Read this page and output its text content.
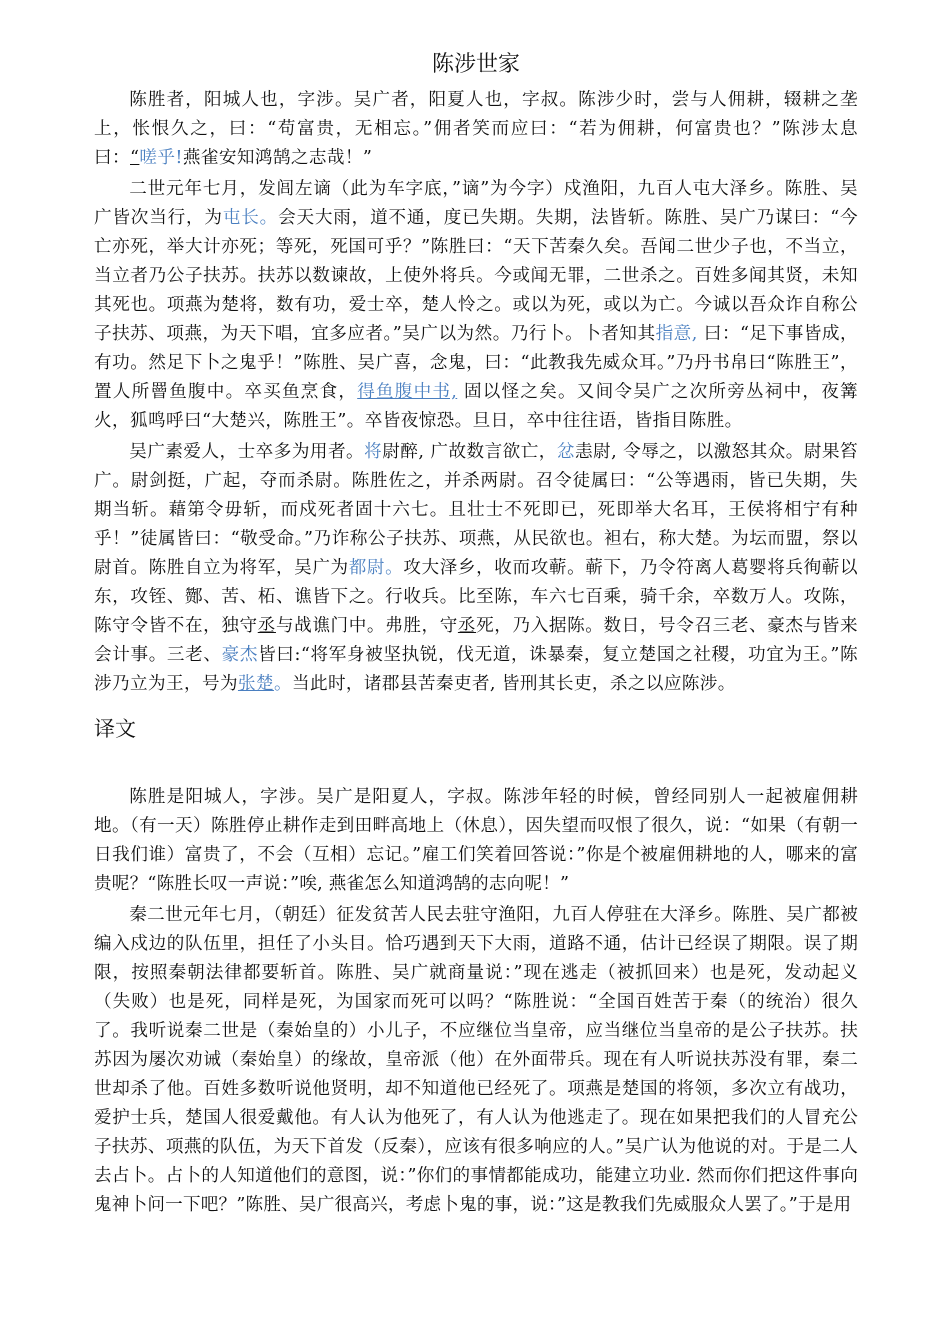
陈涉世家

陈胜者，阳城人也，字涉。吴广者，阳夏人也，字叔。陈涉少时，尝与人佣耕，辍耕之垄上，怅恨久之，曰：“苟富贵，无相忘。”佣者笑而应曰：“若为佣耕，何富贵也？”陈涉太息曰：“嗟乎!燕雀安知鸿鹄之志哉！”

二世元年七月，发闾左谪（此为车字底，”谪”为今字）戍渔阳，九百人屯大泽乡。陈胜、吴广皆次当行，为屯长。会天大雨，道不通，度已失期。失期，法皆斩。陈胜、吴广乃谋曰：“今亡亦死，举大计亦死；等死，死国可乎？”陈胜曰：“天下苦秦久矣。吾闻二世少子也，不当立，当立者乃公子扶苏。扶苏以数谏故，上使外将兵。今或闻无罪，二世杀之。百姓多闻其贤，未知其死也。项燕为楚将，数有功，爱士卒，楚人怜之。或以为死，或以为亡。今诚以吾众诈自称公子扶苏、项燕，为天下唱，宜多应者。”吴广以为然。乃行卜。卜者知其指意, 曰：“足下事皆成，有功。然足下卜之鬼乎！”陈胜、吴广喜，念鬼，曰：“此教我先威众耳。”乃丹书帛曰“陈胜王”，置人所罾鱼腹中。卒买鱼烹食，得鱼腹中书, 固以怪之矣。又间令吴广之次所旁丛祠中，夜篝火，狐鸣呼曰“大楚兴，陈胜王”。卒皆夜惊恐。旦日，卒中往往语，皆指目陈胜。

吴广素爱人，士卒多为用者。将尉醉, 广故数言欲亡，忿恚尉, 令辱之，以激怒其众。尉果笞广。尉剑挺，广起，夺而杀尉。陈胜佐之，并杀两尉。召令徒属曰：“公等遇雨，皆已失期，失期当斩。藉第令毋斩，而戍死者固十六七。且壮士不死即已，死即举大名耳，王侯将相宁有种乎！”徒属皆曰：“敬受命。”乃诈称公子扶苏、项燕，从民欲也。袒右，称大楚。为坛而盟，祭以尉首。陈胜自立为将军，吴广为都尉。攻大泽乡，收而攻蕲。蕲下，乃令符离人葛婴将兵徇蕲以东，攻铚、酂、苦、柘、谯皆下之。行收兵。比至陈，车六七百乘，骑千余，卒数万人。攻陈，陈守令皆不在，独守丞与战谯门中。弗胜，守丞死，乃入据陈。数日，号令召三老、豪杰与皆来会计事。三老、豪杰皆曰:“将军身被坚执锐，伐无道，诛暴秦，复立楚国之社稷，功宜为王。”陈涉乃立为王，号为张楚。当此时，诸郡县苦秦吏者, 皆刑其长吏，杀之以应陈涉。

译文

陈胜是阳城人，字涉。吴广是阳夏人，字叔。陈涉年轻的时候，曾经同别人一起被雇佣耕地。（有一天）陈胜停止耕作走到田畔高地上（休息），因失望而叹恨了很久，说：“如果（有朝一日我们谁）富贵了，不会（互相）忘记。”雇工们笑着回答说：”你是个被雇佣耕地的人，哪来的富贵呢？“陈胜长叹一声说：”唉, 燕雀怎么知道鸿鹄的志向呢！”

秦二世元年七月，（朝廷）征发贫苦人民去驻守渔阳，九百人停驻在大泽乡。陈胜、吴广都被编入戍边的队伍里，担任了小头目。恰巧遇到天下大雨，道路不通，估计已经误了期限。误了期限，按照秦朝法律都要斩首。陈胜、吴广就商量说：”现在逃走（被抓回来）也是死，发动起义（失败）也是死，同样是死，为国家而死可以吗？“陈胜说：“全国百姓苦于秦（的统治）很久了。我听说秦二世是（秦始皇的）小儿子，不应继位当皇帝，应当继位当皇帝的是公子扶苏。扶苏因为屡次劝诫（秦始皇）的缘故，皇帝派（他）在外面带兵。现在有人听说扶苏没有罪，秦二世却杀了他。百姓多数听说他贤明，却不知道他已经死了。项燕是楚国的将领，多次立有战功，爱护士兵，楚国人很爱戴他。有人认为他死了，有人认为他逃走了。现在如果把我们的人冒充公子扶苏、项燕的队伍，为天下首发（反秦），应该有很多响应的人。”吴广认为他说的对。于是二人去占卜。占卜的人知道他们的意图，说：”你们的事情都能成功，能建立功业. 然而你们把这件事向鬼神卜问一下吧？”陈胜、吴广很高兴，考虑卜鬼的事，说：”这是教我们先威服众人罢了。”于是用
